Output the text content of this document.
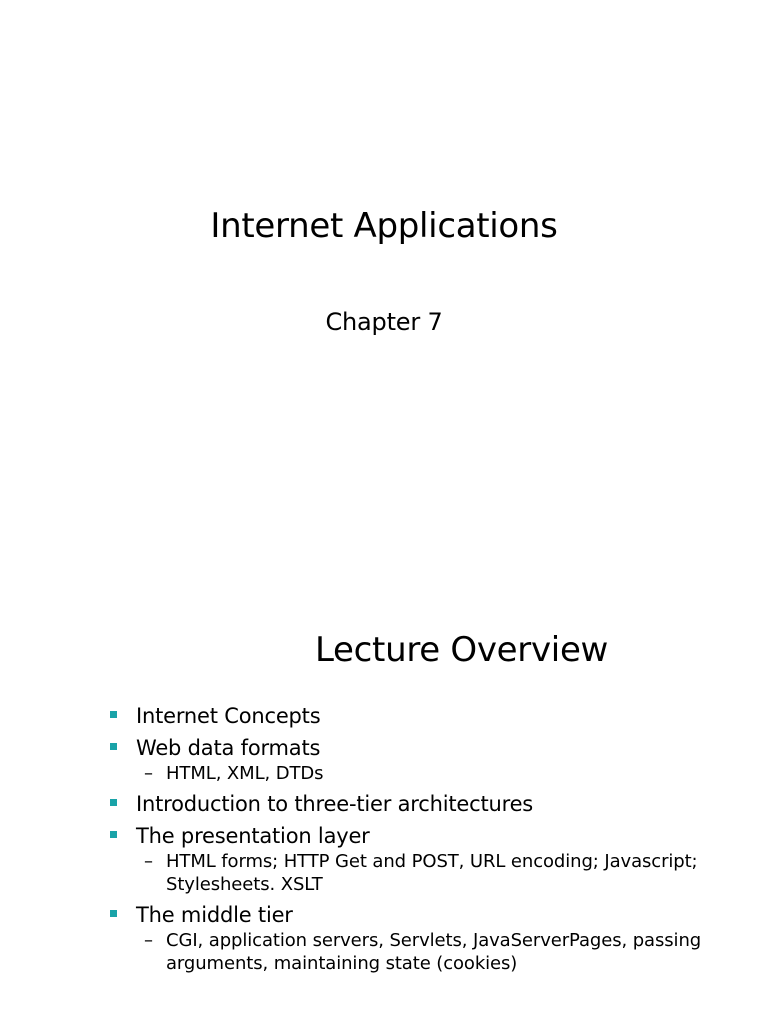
Internet Applications
Chapter 7
Lecture Overview
Internet Concepts
Web data formats
– HTML, XML, DTDs
Introduction to three-tier architectures
The presentation layer
– HTML forms; HTTP Get and POST, URL encoding; Javascript; Stylesheets. XSLT
The middle tier
– CGI, application servers, Servlets, JavaServerPages, passing arguments, maintaining state (cookies)
